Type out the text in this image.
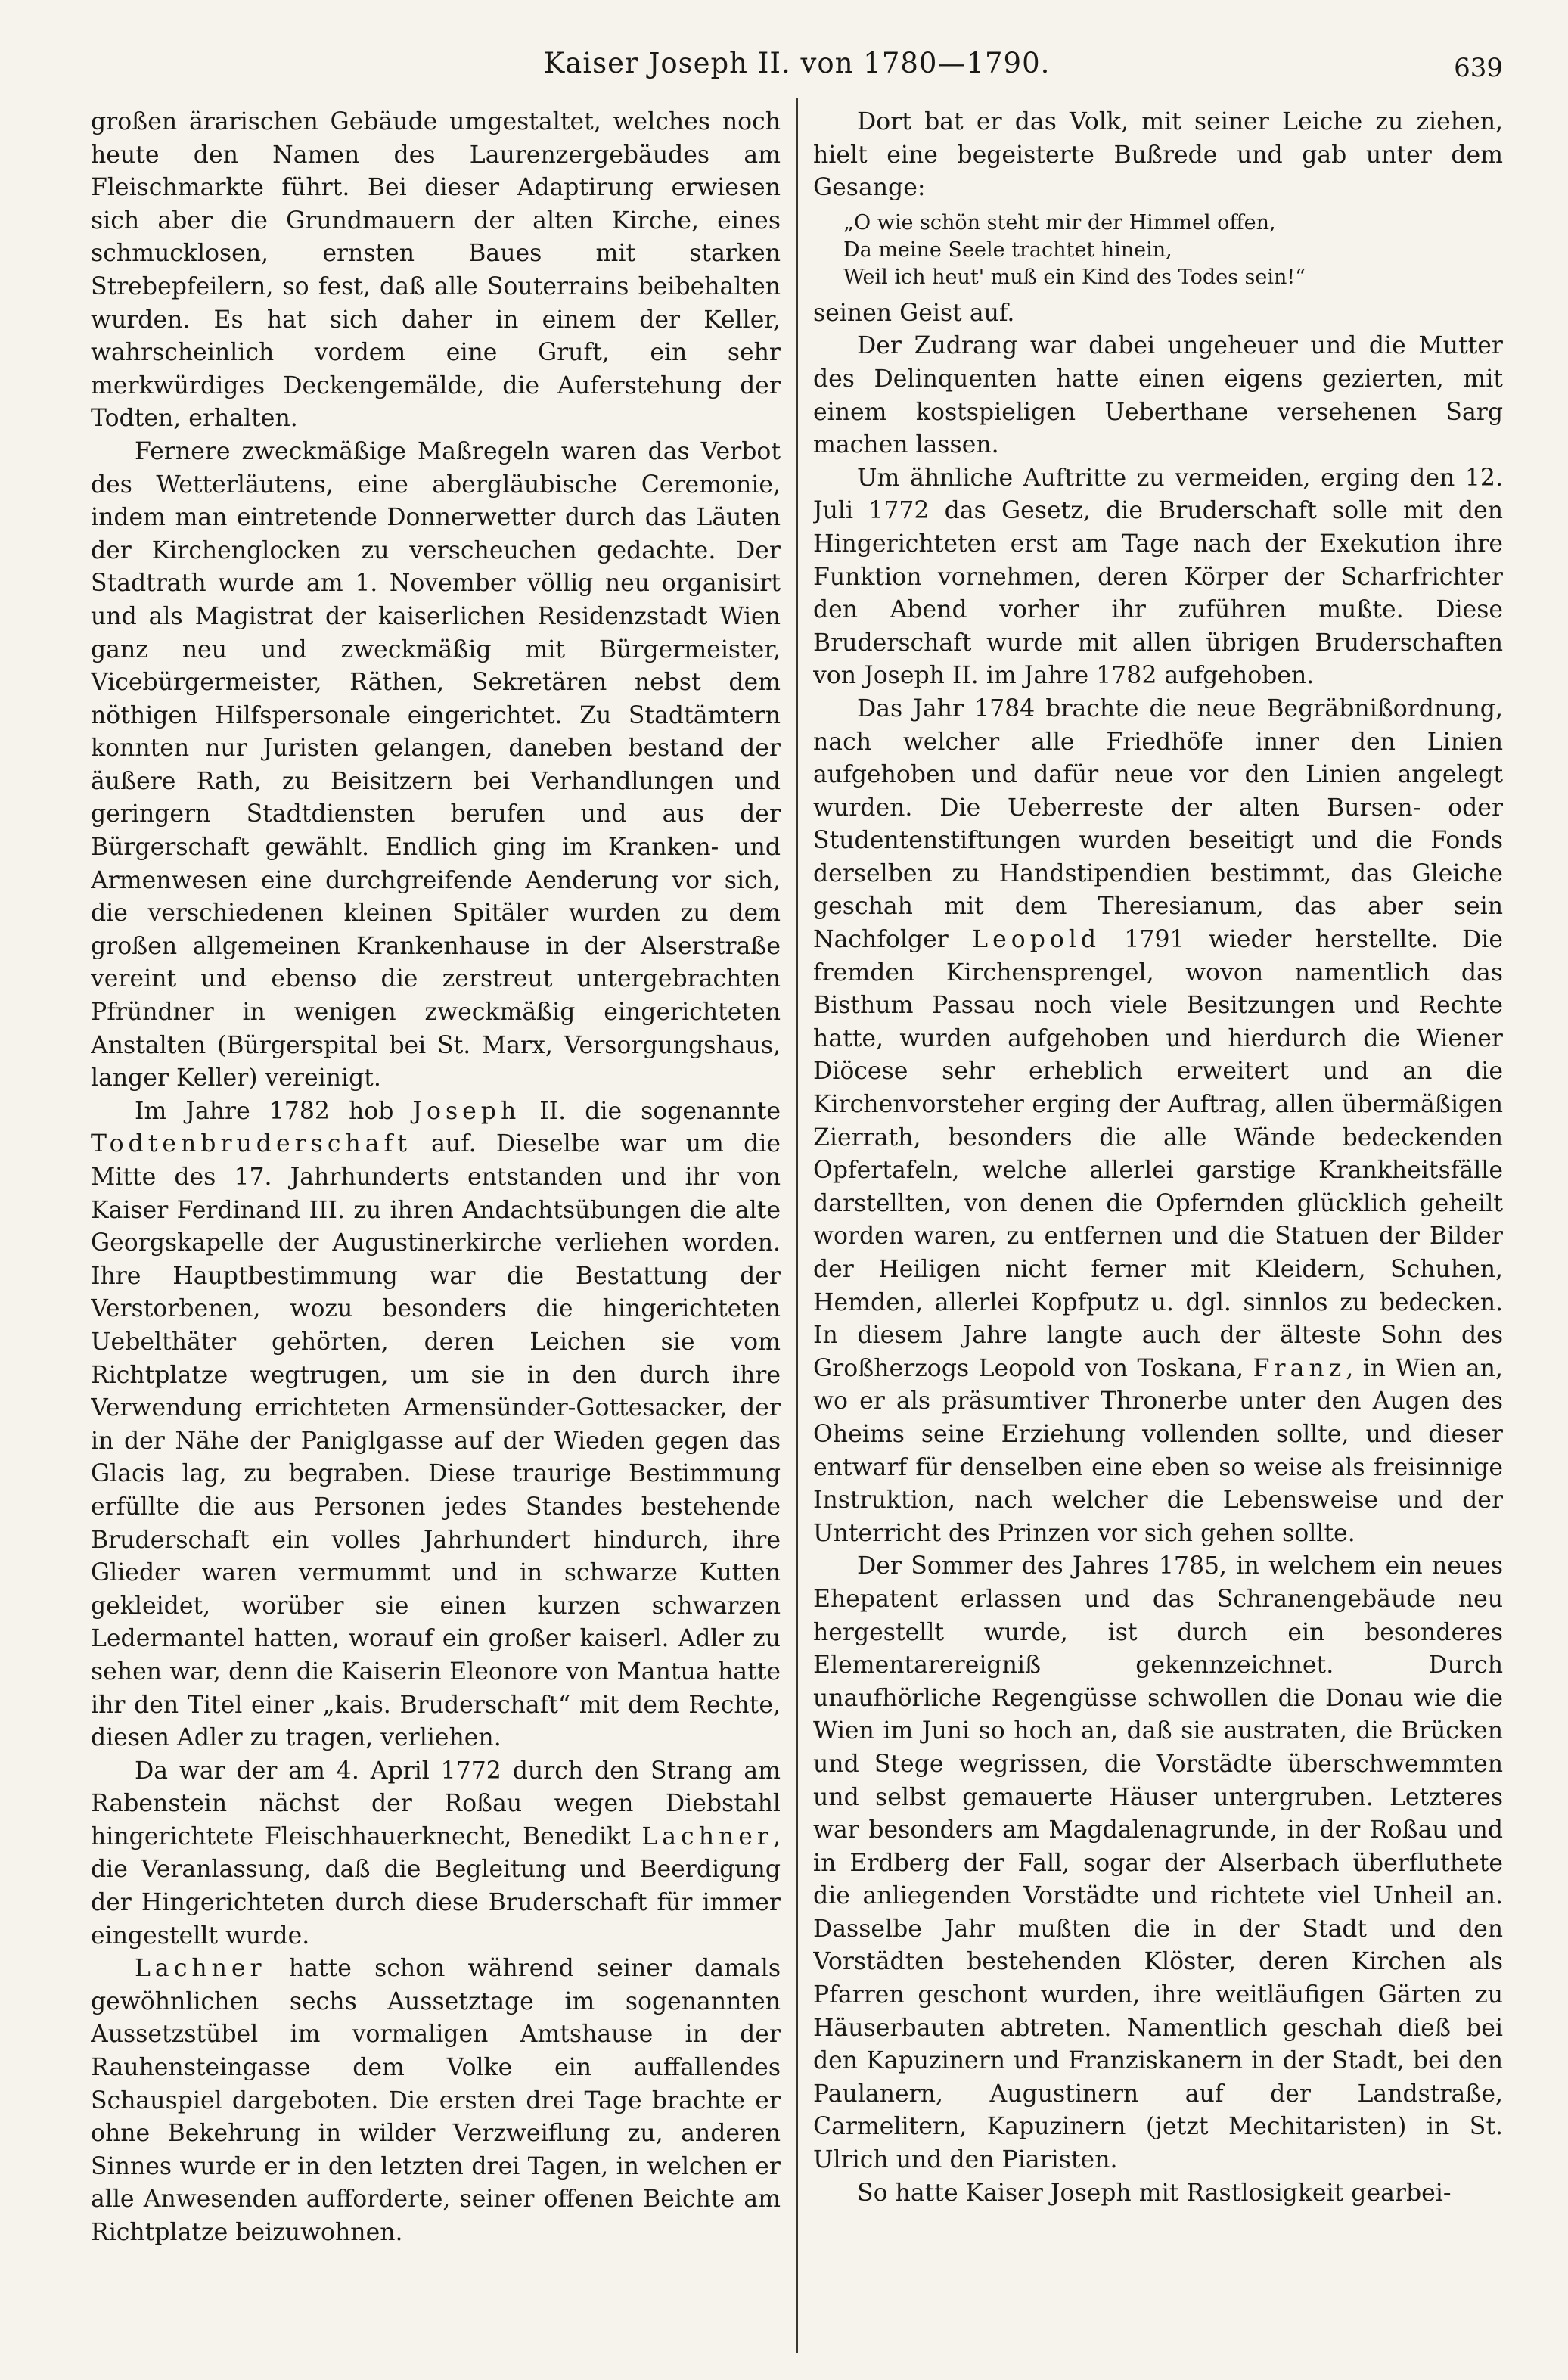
Kaiser Joseph II. von 1780—1790.	639

großen ärarischen Gebäude umgestaltet, welches noch heute den Namen des Laurenzergebäudes am Fleischmarkte führt. Bei dieser Adaptirung erwiesen sich aber die Grundmauern der alten Kirche, eines schmucklosen, ernsten Baues mit starken Strebepfeilern, so fest, daß alle Souterrains beibehalten wurden. Es hat sich daher in einem der Keller, wahrscheinlich vordem eine Gruft, ein sehr merkwürdiges Deckengemälde, die Auferstehung der Todten, erhalten.

Fernere zweckmäßige Maßregeln waren das Verbot des Wetterläutens, eine abergläubische Ceremonie, indem man eintretende Donnerwetter durch das Läuten der Kirchenglocken zu verscheuchen gedachte. Der Stadtrath wurde am 1. November völlig neu organisirt und als Magistrat der kaiserlichen Residenzstadt Wien ganz neu und zweckmäßig mit Bürgermeister, Vicebürgermeister, Räthen, Sekretären nebst dem nöthigen Hilfspersonale eingerichtet. Zu Stadtämtern konnten nur Juristen gelangen, daneben bestand der äußere Rath, zu Beisitzern bei Verhandlungen und geringern Stadtdiensten berufen und aus der Bürgerschaft gewählt. Endlich ging im Kranken- und Armenwesen eine durchgreifende Aenderung vor sich, die verschiedenen kleinen Spitäler wurden zu dem großen allgemeinen Krankenhause in der Alserstraße vereint und ebenso die zerstreut untergebrachten Pfründner in wenigen zweckmäßig eingerichteten Anstalten (Bürgerspital bei St. Marx, Versorgungshaus, langer Keller) vereinigt.

Im Jahre 1782 hob Joseph II. die sogenannte Todtenbruderschaft auf. Dieselbe war um die Mitte des 17. Jahrhunderts entstanden und ihr von Kaiser Ferdinand III. zu ihren Andachtsübungen die alte Georgskapelle der Augustinerkirche verliehen worden. Ihre Hauptbestimmung war die Bestattung der Verstorbenen, wozu besonders die hingerichteten Uebelthäter gehörten, deren Leichen sie vom Richtplatze wegtrugen, um sie in den durch ihre Verwendung errichteten Armensünder-Gottesacker, der in der Nähe der Paniglgasse auf der Wieden gegen das Glacis lag, zu begraben. Diese traurige Bestimmung erfüllte die aus Personen jedes Standes bestehende Bruderschaft ein volles Jahrhundert hindurch, ihre Glieder waren vermummt und in schwarze Kutten gekleidet, worüber sie einen kurzen schwarzen Ledermantel hatten, worauf ein großer kaiserl. Adler zu sehen war, denn die Kaiserin Eleonore von Mantua hatte ihr den Titel einer „kais. Bruderschaft“ mit dem Rechte, diesen Adler zu tragen, verliehen.

Da war der am 4. April 1772 durch den Strang am Rabenstein nächst der Roßau wegen Diebstahl hingerichtete Fleischhauerknecht, Benedikt Lachner, die Veranlassung, daß die Begleitung und Beerdigung der Hingerichteten durch diese Bruderschaft für immer eingestellt wurde.

Lachner hatte schon während seiner damals gewöhnlichen sechs Aussetztage im sogenannten Aussetzstübel im vormaligen Amtshause in der Rauhensteingasse dem Volke ein auffallendes Schauspiel dargeboten. Die ersten drei Tage brachte er ohne Bekehrung in wilder Verzweiflung zu, anderen Sinnes wurde er in den letzten drei Tagen, in welchen er alle Anwesenden aufforderte, seiner offenen Beichte am Richtplatze beizuwohnen.

Dort bat er das Volk, mit seiner Leiche zu ziehen, hielt eine begeisterte Bußrede und gab unter dem Gesange:

„O wie schön steht mir der Himmel offen,
Da meine Seele trachtet hinein,
Weil ich heut' muß ein Kind des Todes sein!“

seinen Geist auf.

Der Zudrang war dabei ungeheuer und die Mutter des Delinquenten hatte einen eigens gezierten, mit einem kostspieligen Ueberthane versehenen Sarg machen lassen.

Um ähnliche Auftritte zu vermeiden, erging den 12. Juli 1772 das Gesetz, die Bruderschaft solle mit den Hingerichteten erst am Tage nach der Exekution ihre Funktion vornehmen, deren Körper der Scharfrichter den Abend vorher ihr zuführen mußte. Diese Bruderschaft wurde mit allen übrigen Bruderschaften von Joseph II. im Jahre 1782 aufgehoben.

Das Jahr 1784 brachte die neue Begräbnißordnung, nach welcher alle Friedhöfe inner den Linien aufgehoben und dafür neue vor den Linien angelegt wurden. Die Ueberreste der alten Bursen- oder Studentenstiftungen wurden beseitigt und die Fonds derselben zu Handstipendien bestimmt, das Gleiche geschah mit dem Theresianum, das aber sein Nachfolger Leopold 1791 wieder herstellte. Die fremden Kirchensprengel, wovon namentlich das Bisthum Passau noch viele Besitzungen und Rechte hatte, wurden aufgehoben und hierdurch die Wiener Diöcese sehr erheblich erweitert und an die Kirchenvorsteher erging der Auftrag, allen übermäßigen Zierrath, besonders die alle Wände bedeckenden Opfertafeln, welche allerlei garstige Krankheitsfälle darstellten, von denen die Opfernden glücklich geheilt worden waren, zu entfernen und die Statuen der Bilder der Heiligen nicht ferner mit Kleidern, Schuhen, Hemden, allerlei Kopfputz u. dgl. sinnlos zu bedecken. In diesem Jahre langte auch der älteste Sohn des Großherzogs Leopold von Toskana, Franz, in Wien an, wo er als präsumtiver Thronerbe unter den Augen des Oheims seine Erziehung vollenden sollte, und dieser entwarf für denselben eine eben so weise als freisinnige Instruktion, nach welcher die Lebensweise und der Unterricht des Prinzen vor sich gehen sollte.

Der Sommer des Jahres 1785, in welchem ein neues Ehepatent erlassen und das Schranengebäude neu hergestellt wurde, ist durch ein besonderes Elementarereigniß gekennzeichnet. Durch unaufhörliche Regengüsse schwollen die Donau wie die Wien im Juni so hoch an, daß sie austraten, die Brücken und Stege wegrissen, die Vorstädte überschwemmten und selbst gemauerte Häuser untergruben. Letzteres war besonders am Magdalenagrunde, in der Roßau und in Erdberg der Fall, sogar der Alserbach überfluthete die anliegenden Vorstädte und richtete viel Unheil an. Dasselbe Jahr mußten die in der Stadt und den Vorstädten bestehenden Klöster, deren Kirchen als Pfarren geschont wurden, ihre weitläufigen Gärten zu Häuserbauten abtreten. Namentlich geschah dieß bei den Kapuzinern und Franziskanern in der Stadt, bei den Paulanern, Augustinern auf der Landstraße, Carmelitern, Kapuzinern (jetzt Mechitaristen) in St. Ulrich und den Piaristen.

So hatte Kaiser Joseph mit Rastlosigkeit gearbei-
